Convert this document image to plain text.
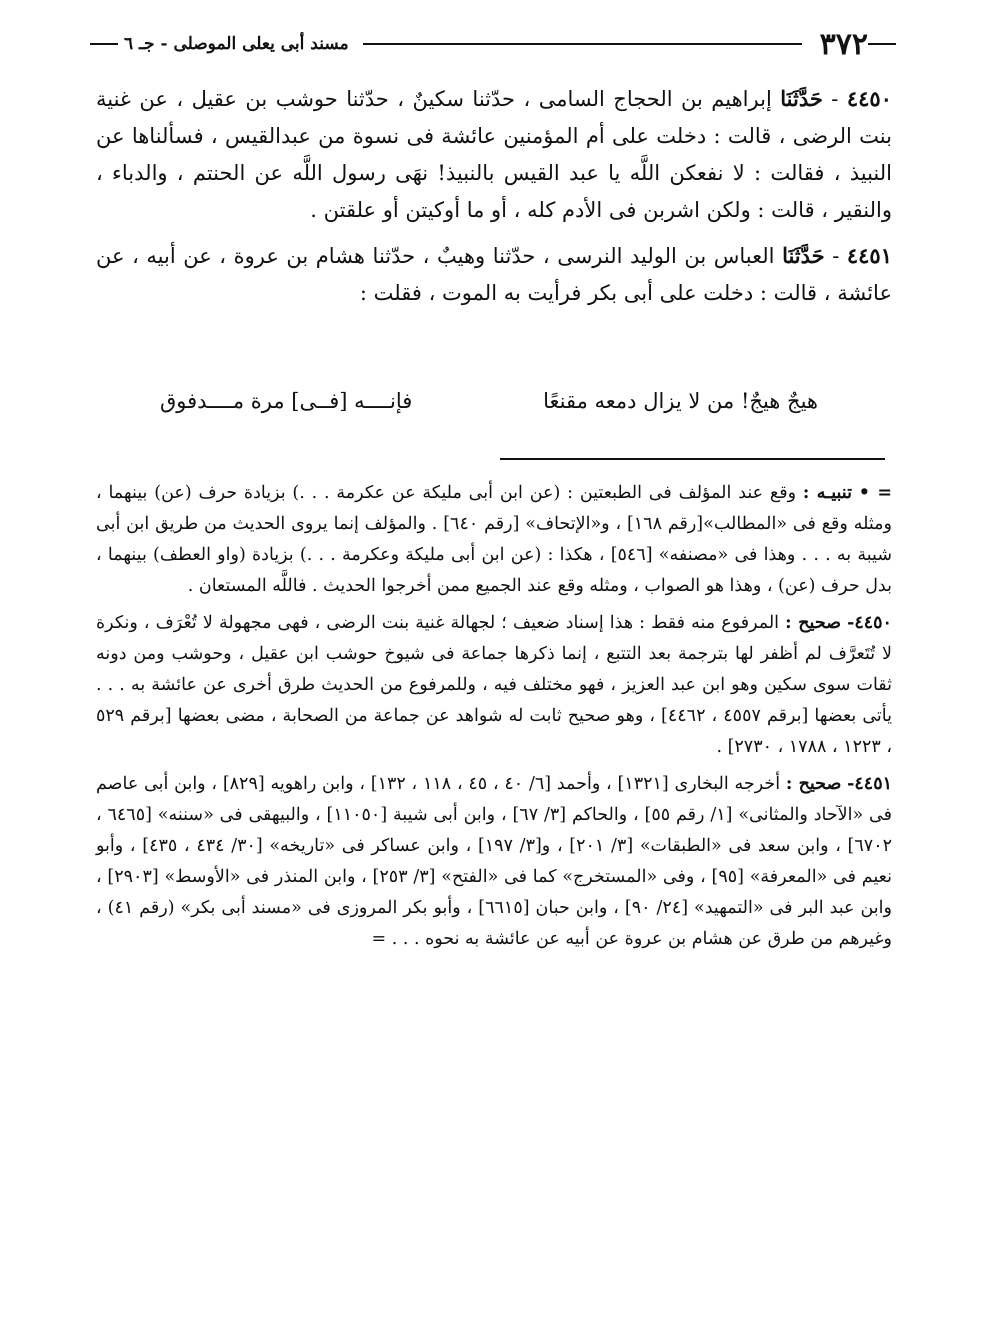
٣٧٢
مسند أبى يعلى الموصلى - جـ ٦

٤٤٥٠ - حَدَّثَنَا إبراهيم بن الحجاج السامى ، حدّثنا سكينٌ ، حدّثنا حوشب بن عقيل ، عن غنية بنت الرضى ، قالت : دخلت على أم المؤمنين عائشة فى نسوة من عبدالقيس ، فسألناها عن النبيذ ، فقالت : لا نفعكن اللَّه يا عبد القيس بالنبيذ! نهَى رسول اللَّه عن الحنتم ، والدباء ، والنقير ، قالت : ولكن اشربن فى الأدم كله ، أو ما أوكيتن أو علقتن .

٤٤٥١ - حَدَّثَنَا العباس بن الوليد النرسى ، حدّثنا وهيبٌ ، حدّثنا هشام بن عروة ، عن أبيه ، عن عائشة ، قالت : دخلت على أبى بكر فرأيت به الموت ، فقلت :

هيجٌ هيجٌ! من لا يزال دمعه مقنعًا
فإنــــه [فــى] مرة مــــدفوق

= • تنبيـه : وقع عند المؤلف فى الطبعتين : (عن ابن أبى مليكة عن عكرمة . . .) بزيادة حرف (عن) بينهما ، ومثله وقع فى «المطالب»[رقم ١٦٨] ، و«الإتحاف» [رقم ٦٤٠] . والمؤلف إنما يروى الحديث من طريق ابن أبى شيبة به . . . وهذا فى «مصنفه» [٥٤٦] ، هكذا : (عن ابن أبى مليكة وعكرمة . . .) بزيادة (واو العطف) بينهما ، بدل حرف (عن) ، وهذا هو الصواب ، ومثله وقع عند الجميع ممن أخرجوا الحديث . فاللَّه المستعان .

٤٤٥٠- صحيح : المرفوع منه فقط : هذا إسناد ضعيف ؛ لجهالة غنية بنت الرضى ، فهى مجهولة لا تُعْرَف ، ونكرة لا تُتَعرَّف لم أظفر لها بترجمة بعد التتبع ، إنما ذكرها جماعة فى شيوخ حوشب ابن عقيل ، وحوشب ومن دونه ثقات سوى سكين وهو ابن عبد العزيز ، فهو مختلف فيه ، وللمرفوع من الحديث طرق أخرى عن عائشة به . . . يأتى بعضها [برقم ٤٥٥٧ ، ٤٤٦٢] ، وهو صحيح ثابت له شواهد عن جماعة من الصحابة ، مضى بعضها [برقم ٥٢٩ ، ١٢٢٣ ، ١٧٨٨ ، ٢٧٣٠] .

٤٤٥١- صحيح : أخرجه البخارى [١٣٢١] ، وأحمد [٦/ ٤٠ ، ٤٥ ، ١١٨ ، ١٣٢] ، وابن راهويه [٨٢٩] ، وابن أبى عاصم فى «الآحاد والمثانى» [١/ رقم ٥٥] ، والحاكم [٣/ ٦٧] ، وابن أبى شيبة [١١٠٥٠] ، والبيهقى فى «سننه» [٦٤٦٥ ، ٦٧٠٢] ، وابن سعد فى «الطبقات» [٣/ ٢٠١] ، و[٣/ ١٩٧] ، وابن عساكر فى «تاريخه» [٣٠/ ٤٣٤ ، ٤٣٥] ، وأبو نعيم فى «المعرفة» [٩٥] ، وفى «المستخرج» كما فى «الفتح» [٣/ ٢٥٣] ، وابن المنذر فى «الأوسط» [٢٩٠٣] ، وابن عبد البر فى «التمهيد» [٢٤/ ٩٠] ، وابن حبان [٦٦١٥] ، وأبو بكر المروزى فى «مسند أبى بكر» (رقم ٤١) ، وغيرهم من طرق عن هشام بن عروة عن أبيه عن عائشة به نحوه . . . =
